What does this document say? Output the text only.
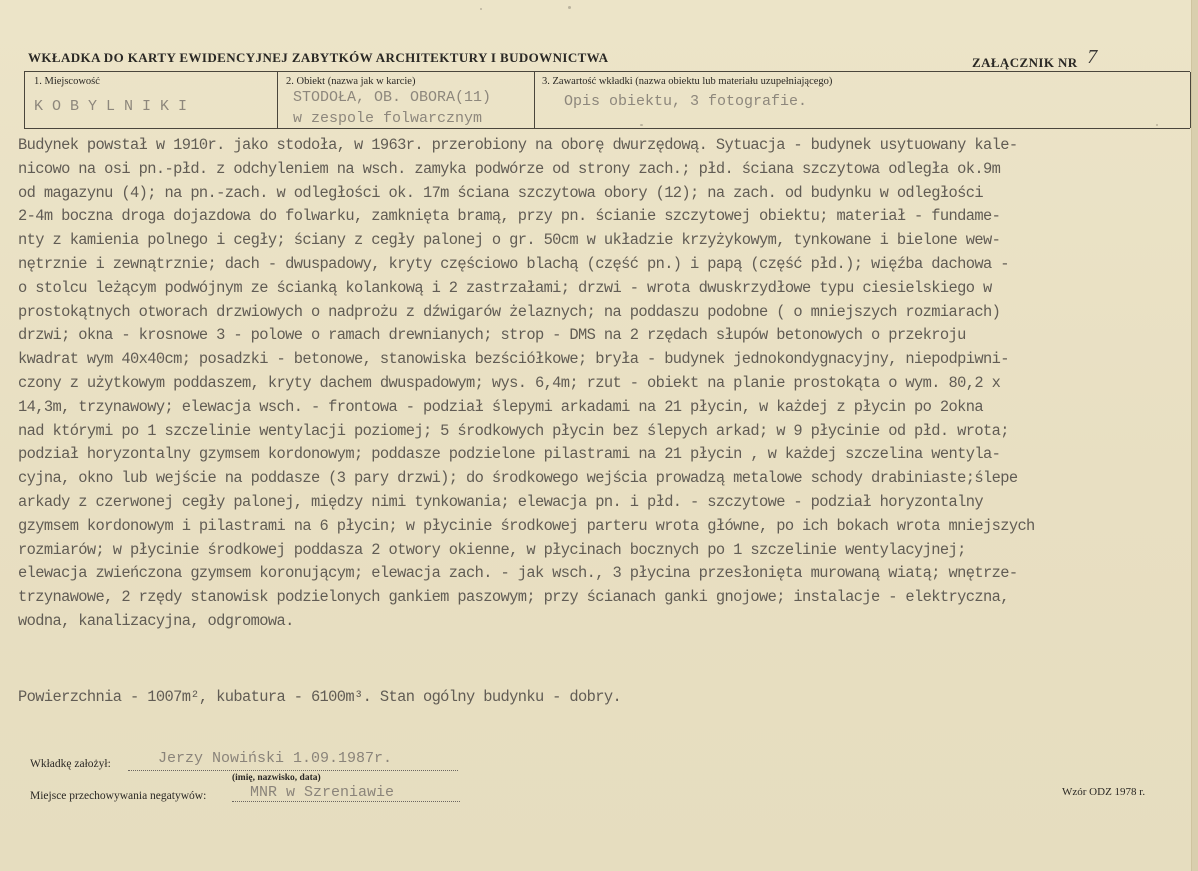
WKŁADKA DO KARTY EWIDENCYJNEJ ZABYTKÓW ARCHITEKTURY I BUDOWNICTWA	ZAŁĄCZNIK NR 7
1. Miejscowość
KOBYLNIKI
2. Obiekt (nazwa jak w karcie)
STODOŁA, OB. OBORA(11)
w zespole folwarcznym
3. Zawartość wkładki (nazwa obiektu lub materiału uzupełniającego)
Opis obiektu, 3 fotografie.
Budynek powstał w 1910r. jako stodoła, w 1963r. przerobiony na oborę dwurzędową. Sytuacja - budynek usytuowany kale-
nicowo na osi pn.-płd. z odchyleniem na wsch. zamyka podwórze od strony zach.; płd. ściana szczytowa odległa ok.9m
od magazynu (4); na pn.-zach. w odległości ok. 17m ściana szczytowa obory (12); na zach. od budynku w odległości
2-4m boczna droga dojazdowa do folwarku, zamknięta bramą, przy pn. ścianie szczytowej obiektu; materiał - fundame-
nty z kamienia polnego i cegły; ściany z cegły palonej o gr. 50cm w układzie krzyżykowym, tynkowane i bielone wew-
nętrznie i zewnątrznie; dach - dwuspadowy, kryty częściowo blachą (część pn.) i papą (część płd.); więźba dachowa -
o stolcu leżącym podwójnym ze ścianką kolankową i 2 zastrzałami; drzwi - wrota dwuskrzydłowe typu ciesielskiego w
prostokątnych otworach drzwiowych o nadprożu z dźwigarów żelaznych; na poddaszu podobne ( o mniejszych rozmiarach)
drzwi; okna - krosnowe 3 - polowe o ramach drewnianych; strop - DMS na 2 rzędach słupów betonowych o przekroju
kwadrat wym 40x40cm; posadzki - betonowe, stanowiska bezściółkowe; bryła - budynek jednokondygnacyjny, niepodpiwni-
czony z użytkowym poddaszem, kryty dachem dwuspadowym; wys. 6,4m; rzut - obiekt na planie prostokąta o wym. 80,2 x
14,3m, trzynawowy; elewacja wsch. - frontowa - podział ślepymi arkadami na 21 płycin, w każdej z płycin po 2okna
nad którymi po 1 szczelinie wentylacji poziomej; 5 środkowych płycin bez ślepych arkad; w 9 płycinie od płd. wrota;
podział horyzontalny gzymsem kordonowym; poddasze podzielone pilastrami na 21 płycin , w każdej szczelina wentyla-
cyjna, okno lub wejście na poddasze (3 pary drzwi); do środkowego wejścia prowadzą metalowe schody drabiniaste;ślepe
arkady z czerwonej cegły palonej, między nimi tynkowania; elewacja pn. i płd. - szczytowe - podział horyzontalny
gzymsem kordonowym i pilastrami na 6 płycin; w płycinie środkowej parteru wrota główne, po ich bokach wrota mniejszych
rozmiarów; w płycinie środkowej poddasza 2 otwory okienne, w płycinach bocznych po 1 szczelinie wentylacyjnej;
elewacja zwieńczona gzymsem koronującym; elewacja zach. - jak wsch., 3 płycina przesłonięta murowaną wiatą; wnętrze-
trzynawowe, 2 rzędy stanowisk podzielonych gankiem paszowym; przy ścianach ganki gnojowe; instalacje - elektryczna,
wodna, kanalizacyjna, odgromowa.
Powierzchnia - 1007m², kubatura - 6100m³. Stan ogólny budynku - dobry.
Wkładkę założył:	Jerzy Nowiński 1.09.1987r.
(imię, nazwisko, data)
Miejsce przechowywania negatywów:	MNR w Szreniawie	Wzór ODZ 1978 r.
